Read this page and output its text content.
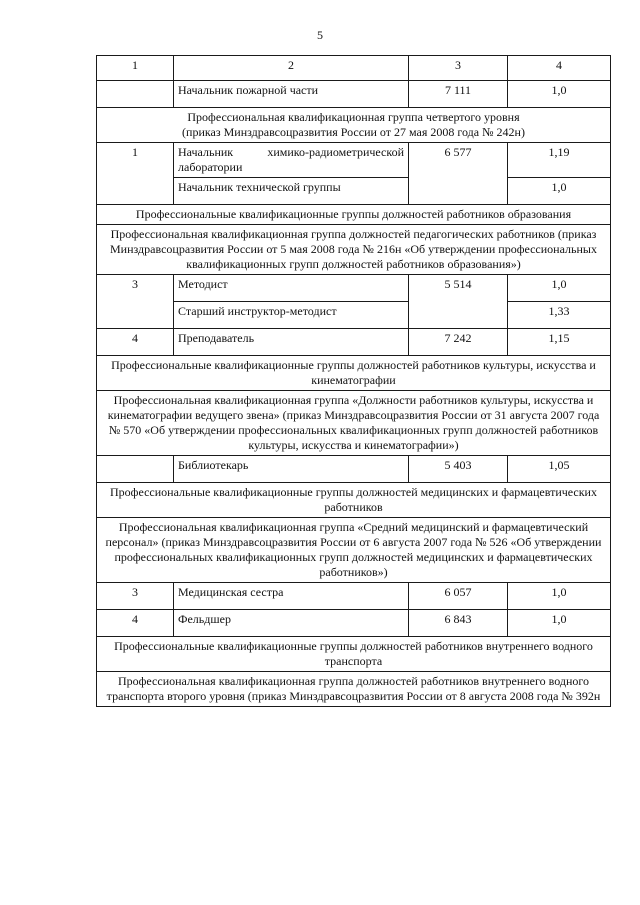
5
1	2	3	4
	Начальник пожарной части	7 111	1,0

Профессиональная квалификационная группа четвертого уровня
(приказ Минздравсоцразвития России от 27 мая 2008 года № 242н)			

1	Начальник химико-радиометрической лаборатории	6 577	1,19
	Начальник технической группы		1,0
Профессиональные квалификационные группы должностей работников образования			
Профессиональная квалификационная группа должностей педагогических работников (приказ Минздравсоцразвития России от 5 мая 2008 года № 216н «Об утверждении профессиональных квалификационных групп должностей работников образования»)			
3	Методист	5 514	1,0
	Старший инструктор-методист		1,33
4	Преподаватель	7 242	1,15
Профессиональные квалификационные группы должностей работников культуры, искусства и кинематографии			
Профессиональная квалификационная группа «Должности работников культуры, искусства и кинематографии ведущего звена» (приказ Минздравсоцразвития России от 31 августа 2007 года № 570 «Об утверждении профессиональных квалификационных групп должностей работников культуры, искусства и кинематографии»)			
	Библиотекарь	5 403	1,05
Профессиональные квалификационные группы должностей медицинских и фармацевтических работников			
Профессиональная квалификационная группа «Средний медицинский и фармацевтический персонал» (приказ Минздравсоцразвития России от 6 августа 2007 года № 526 «Об утверждении профессиональных квалификационных групп должностей медицинских и фармацевтических работников»)			
3	Медицинская сестра	6 057	1,0
4	Фельдшер	6 843	1,0
Профессиональные квалификационные группы должностей работников внутреннего водного транспорта			
Профессиональная квалификационная группа должностей работников внутреннего водного транспорта второго уровня (приказ Минздравсоцразвития России от 8 августа 2008 года № 392н			
